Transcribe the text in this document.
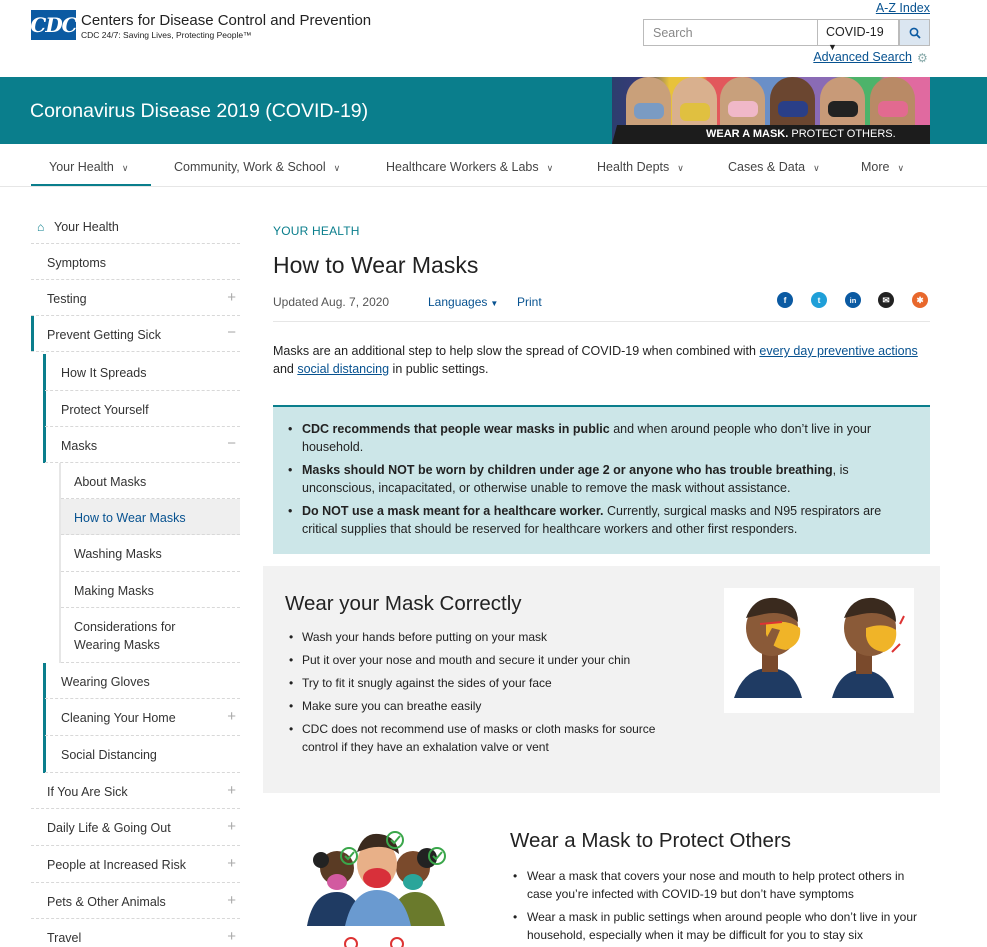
CDC Centers for Disease Control and Prevention
CDC 24/7: Saving Lives, Protecting People™
A-Z Index
Search	COVID-19 ▼
Advanced Search ⚙
Coronavirus Disease 2019 (COVID-19)
WEAR A MASK. PROTECT OTHERS.
Your Health ∨	Community, Work & School ∨	Healthcare Workers & Labs ∨	Health Depts ∨	Cases & Data ∨	More ∨
⌂ Your Health
Symptoms
Testing	+
Prevent Getting Sick	−
How It Spreads
Protect Yourself
Masks	−
About Masks
How to Wear Masks
Washing Masks
Making Masks
Considerations for
Wearing Masks
Wearing Gloves
Cleaning Your Home	+
Social Distancing
If You Are Sick	+
Daily Life & Going Out	+
People at Increased Risk	+
Pets & Other Animals	+
Travel	+
YOUR HEALTH
How to Wear Masks
Updated Aug. 7, 2020	Languages ▼ Print	f	t	in	✉	✱
Masks are an additional step to help slow the spread of COVID-19 when combined with every day preventive actions and social distancing in public settings.
• CDC recommends that people wear masks in public and when around people who don’t live in your household.
• Masks should NOT be worn by children under age 2 or anyone who has trouble breathing, is unconscious, incapacitated, or otherwise unable to remove the mask without assistance.
• Do NOT use a mask meant for a healthcare worker. Currently, surgical masks and N95 respirators are critical supplies that should be reserved for healthcare workers and other first responders.
Wear your Mask Correctly
• Wash your hands before putting on your mask
• Put it over your nose and mouth and secure it under your chin
• Try to fit it snugly against the sides of your face
• Make sure you can breathe easily
• CDC does not recommend use of masks or cloth masks for source control if they have an exhalation valve or vent
Wear a Mask to Protect Others
• Wear a mask that covers your nose and mouth to help protect others in case you’re infected with COVID-19 but don’t have symptoms
• Wear a mask in public settings when around people who don’t live in your household, especially when it may be difficult for you to stay six
